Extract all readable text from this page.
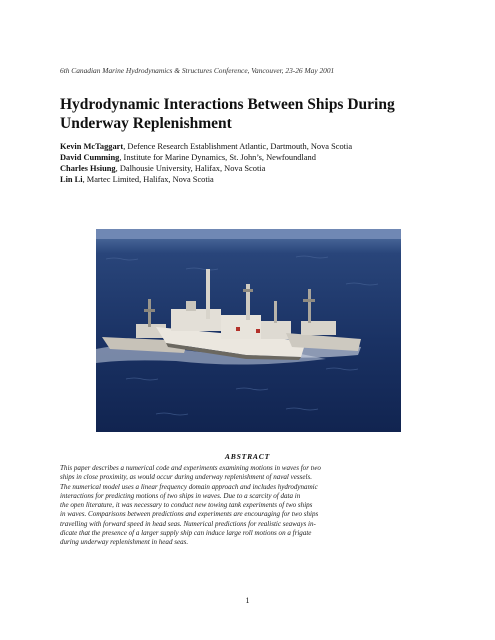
6th Canadian Marine Hydrodynamics & Structures Conference, Vancouver, 23-26 May 2001
Hydrodynamic Interactions Between Ships During
Underway Replenishment
Kevin McTaggart, Defence Research Establishment Atlantic, Dartmouth, Nova Scotia
David Cumming, Institute for Marine Dynamics, St. John’s, Newfoundland
Charles Hsiung, Dalhousie University, Halifax, Nova Scotia
Lin Li, Martec Limited, Halifax, Nova Scotia
ABSTRACT
This paper describes a numerical code and experiments examining motions in waves for two
ships in close proximity, as would occur during underway replenishment of naval vessels.
The numerical model uses a linear frequency domain approach and includes hydrodynamic
interactions for predicting motions of two ships in waves. Due to a scarcity of data in
the open literature, it was necessary to conduct new towing tank experiments of two ships
in waves. Comparisons between predictions and experiments are encouraging for two ships
travelling with forward speed in head seas. Numerical predictions for realistic seaways in-
dicate that the presence of a larger supply ship can induce large roll motions on a frigate
during underway replenishment in head seas.
1
